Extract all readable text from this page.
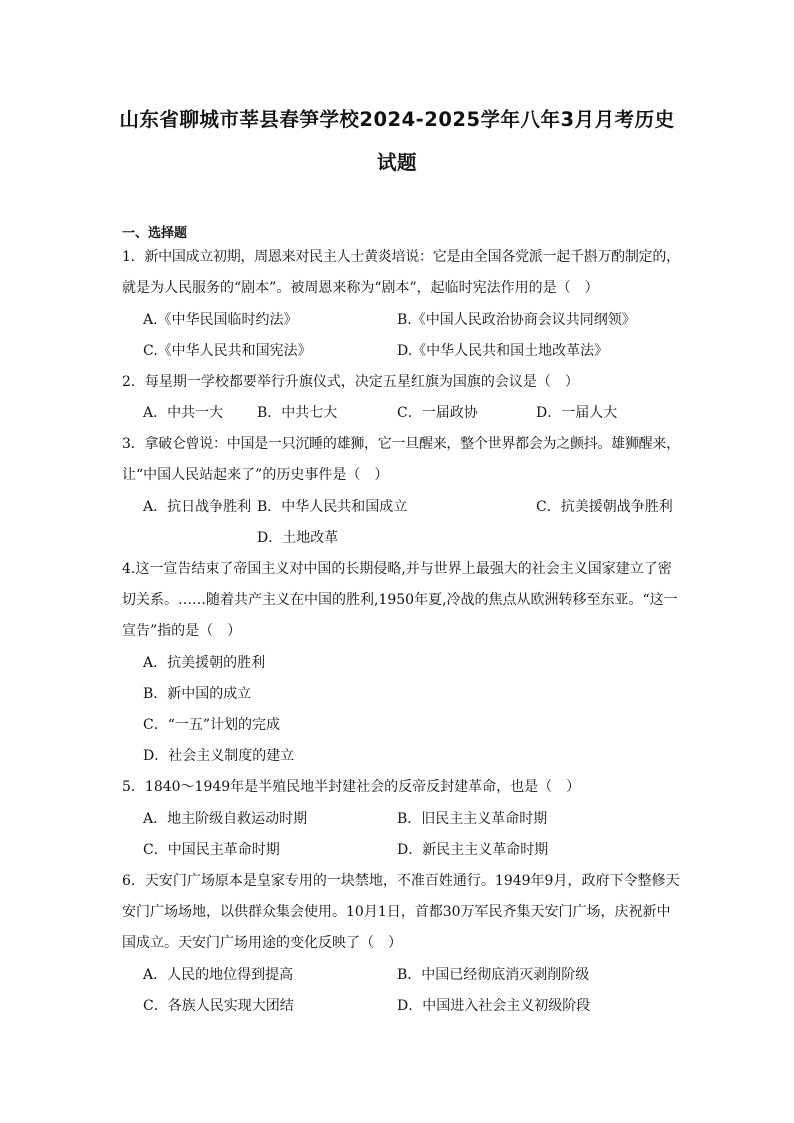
山东省聊城市莘县春笋学校2024-2025学年八年3月月考历史
试题
一、选择题
1．新中国成立初期，周恩来对民主人士黄炎培说：它是由全国各党派一起千斟万酌制定的，
就是为人民服务的“剧本”。被周恩来称为“剧本”，起临时宪法作用的是（　）
A.《中华民国临时约法》	B.《中国人民政治协商会议共同纲领》
C.《中华人民共和国宪法》	D.《中华人民共和国土地改革法》
2．每星期一学校都要举行升旗仪式，决定五星红旗为国旗的会议是（　）
A．中共一大 B．中共七大	C．一届政协	D．一届人大
3．拿破仑曾说：中国是一只沉睡的雄狮，它一旦醒来，整个世界都会为之颤抖。雄狮醒来，
让“中国人民站起来了”的历史事件是（　）
A．抗日战争胜利 B．中华人民共和国成立	C．抗美援朝战争胜利
D．土地改革
4.这一宣告结束了帝国主义对中国的长期侵略,并与世界上最强大的社会主义国家建立了密
切关系。……随着共产主义在中国的胜利,1950年夏,冷战的焦点从欧洲转移至东亚。“这一
宣告”指的是（　）
A．抗美援朝的胜利
B．新中国的成立
C．“一五”计划的完成
D．社会主义制度的建立
5．1840～1949年是半殖民地半封建社会的反帝反封建革命，也是（　）
A．地主阶级自救运动时期	B．旧民主主义革命时期
C．中国民主革命时期	D．新民主主义革命时期
6．天安门广场原本是皇家专用的一块禁地，不准百姓通行。1949年9月，政府下令整修天
安门广场场地，以供群众集会使用。10月1日，首都30万军民齐集天安门广场，庆祝新中
国成立。天安门广场用途的变化反映了（　）
A．人民的地位得到提高	B．中国已经彻底消灭剥削阶级
C．各族人民实现大团结	D．中国进入社会主义初级阶段
